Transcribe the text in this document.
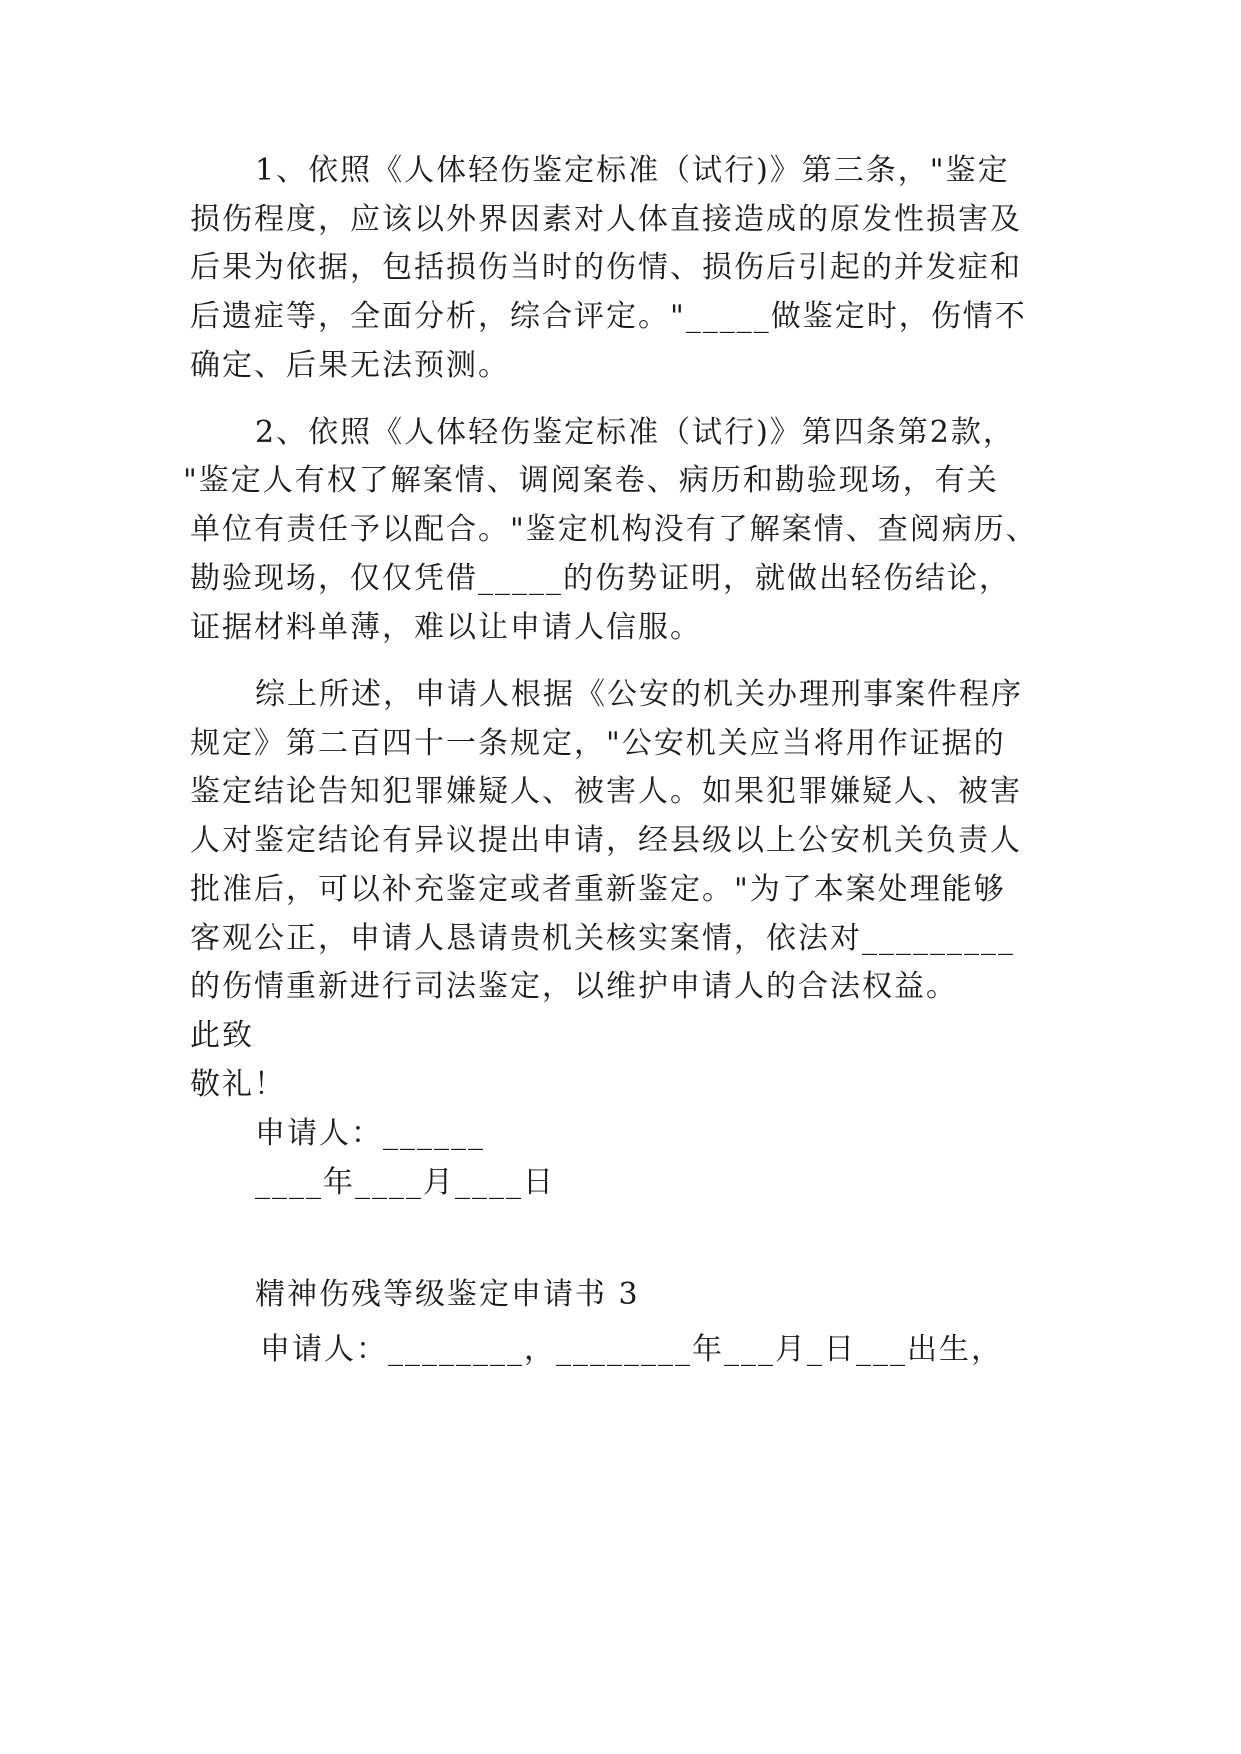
1、依照《人体轻伤鉴定标准（试行)》第三条，"鉴定
损伤程度，应该以外界因素对人体直接造成的原发性损害及
后果为依据，包括损伤当时的伤情、损伤后引起的并发症和
后遗症等，全面分析，综合评定。"_____做鉴定时，伤情不
确定、后果无法预测。
2、依照《人体轻伤鉴定标准（试行)》第四条第2款，
"鉴定人有权了解案情、调阅案卷、病历和勘验现场，有关
单位有责任予以配合。"鉴定机构没有了解案情、查阅病历、
勘验现场，仅仅凭借_____的伤势证明，就做出轻伤结论，
证据材料单薄，难以让申请人信服。
综上所述，申请人根据《公安的机关办理刑事案件程序
规定》第二百四十一条规定，"公安机关应当将用作证据的
鉴定结论告知犯罪嫌疑人、被害人。如果犯罪嫌疑人、被害
人对鉴定结论有异议提出申请，经县级以上公安机关负责人
批准后，可以补充鉴定或者重新鉴定。"为了本案处理能够
客观公正，申请人恳请贵机关核实案情，依法对_________
的伤情重新进行司法鉴定，以维护申请人的合法权益。
此致
敬礼！
申请人：______
____年____月____日
精神伤残等级鉴定申请书 3
申请人：________，________年___月_日___出生，
